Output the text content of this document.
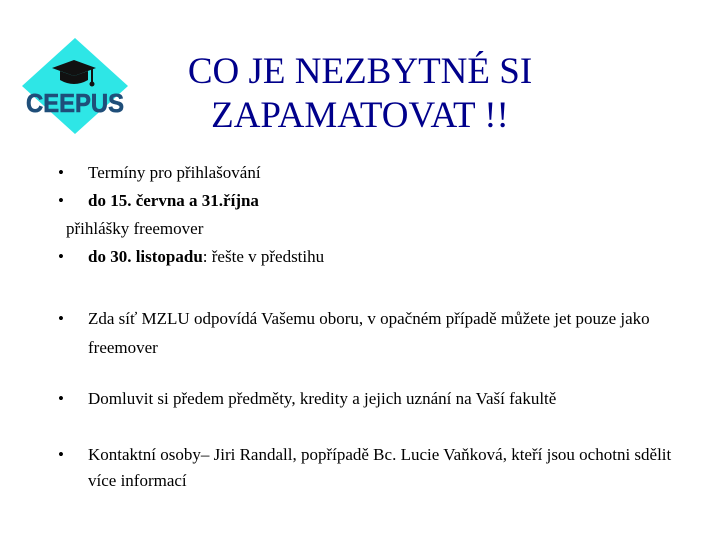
CEEPUS
CO JE NEZBYTNÉ SI
ZAPAMATOVAT !!
• Termíny pro přihlašování
• do 15. června a 31.října
přihlášky freemover
• do 30. listopadu: řešte v předstihu
• Zda síť MZLU odpovídá Vašemu oboru, v opačném případě můžete jet pouze jako freemover
• Domluvit si předem předměty, kredity a jejich uznání na Vaší fakultě
• Kontaktní osoby– Jiri Randall, popřípadě Bc. Lucie Vaňková, kteří jsou ochotni sdělit více informací
